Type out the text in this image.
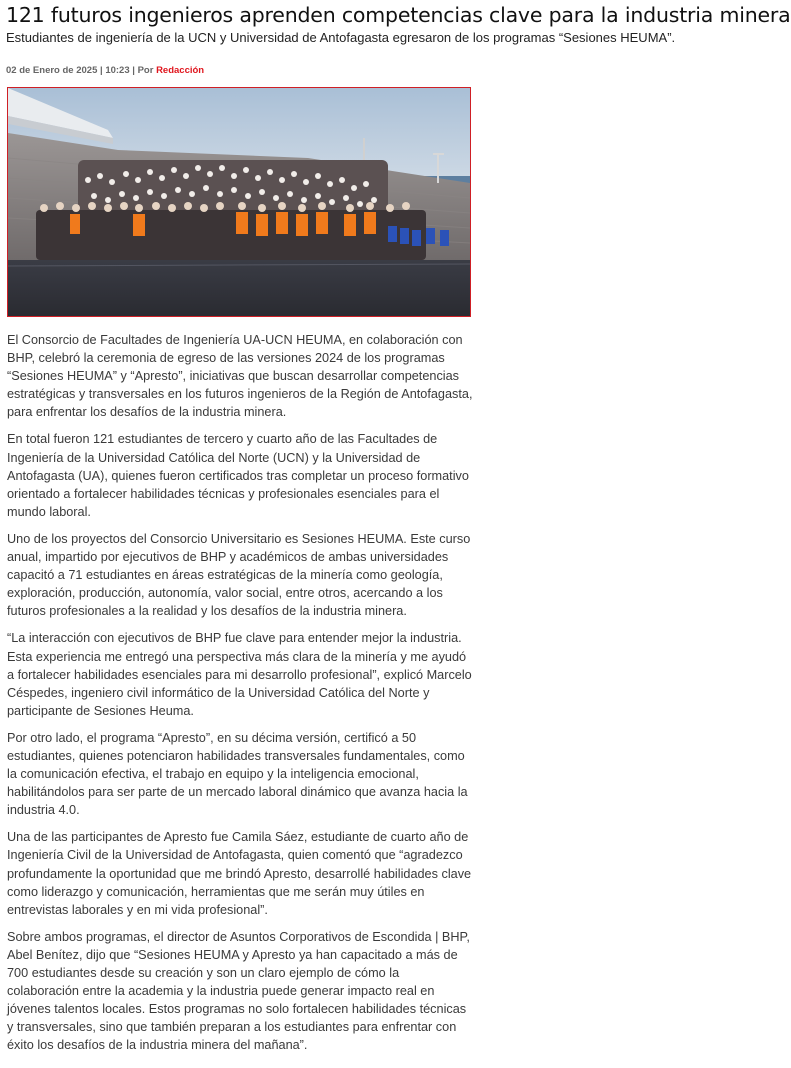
121 futuros ingenieros aprenden competencias clave para la industria minera

Estudiantes de ingeniería de la UCN y Universidad de Antofagasta egresaron de los programas “Sesiones HEUMA”.

02 de Enero de 2025 | 10:23 | Por Redacción

El Consorcio de Facultades de Ingeniería UA-UCN HEUMA, en colaboración con BHP, celebró la ceremonia de egreso de las versiones 2024 de los programas “Sesiones HEUMA” y “Apresto”, iniciativas que buscan desarrollar competencias estratégicas y transversales en los futuros ingenieros de la Región de Antofagasta, para enfrentar los desafíos de la industria minera.

En total fueron 121 estudiantes de tercero y cuarto año de las Facultades de Ingeniería de la Universidad Católica del Norte (UCN) y la Universidad de Antofagasta (UA), quienes fueron certificados tras completar un proceso formativo orientado a fortalecer habilidades técnicas y profesionales esenciales para el mundo laboral.

Uno de los proyectos del Consorcio Universitario es Sesiones HEUMA. Este curso anual, impartido por ejecutivos de BHP y académicos de ambas universidades capacitó a 71 estudiantes en áreas estratégicas de la minería como geología, exploración, producción, autonomía, valor social, entre otros, acercando a los futuros profesionales a la realidad y los desafíos de la industria minera.

“La interacción con ejecutivos de BHP fue clave para entender mejor la industria. Esta experiencia me entregó una perspectiva más clara de la minería y me ayudó a fortalecer habilidades esenciales para mi desarrollo profesional”, explicó Marcelo Céspedes, ingeniero civil informático de la Universidad Católica del Norte y participante de Sesiones Heuma.

Por otro lado, el programa “Apresto”, en su décima versión, certificó a 50 estudiantes, quienes potenciaron habilidades transversales fundamentales, como la comunicación efectiva, el trabajo en equipo y la inteligencia emocional, habilitándolos para ser parte de un mercado laboral dinámico que avanza hacia la industria 4.0.

Una de las participantes de Apresto fue Camila Sáez, estudiante de cuarto año de Ingeniería Civil de la Universidad de Antofagasta, quien comentó que “agradezco profundamente la oportunidad que me brindó Apresto, desarrollé habilidades clave como liderazgo y comunicación, herramientas que me serán muy útiles en entrevistas laborales y en mi vida profesional”.

Sobre ambos programas, el director de Asuntos Corporativos de Escondida | BHP, Abel Benítez, dijo que “Sesiones HEUMA y Apresto ya han capacitado a más de 700 estudiantes desde su creación y son un claro ejemplo de cómo la colaboración entre la academia y la industria puede generar impacto real en jóvenes talentos locales. Estos programas no solo fortalecen habilidades técnicas y transversales, sino que también preparan a los estudiantes para enfrentar con éxito los desafíos de la industria minera del mañana”.
